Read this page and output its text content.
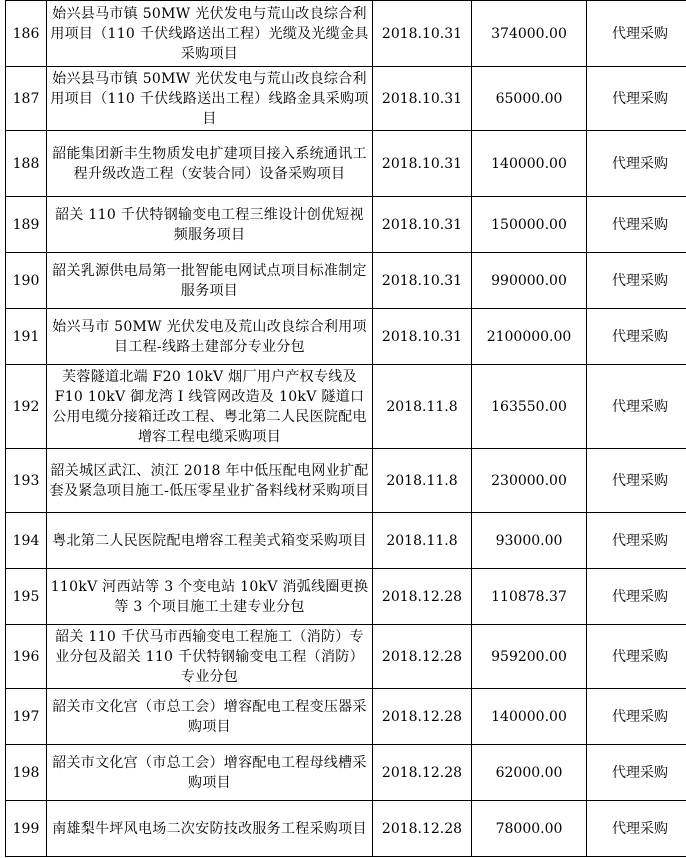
186	始兴县马市镇 50MW 光伏发电与荒山改良综合利用项目（110 千伏线路送出工程）光缆及光缆金具采购项目	2018.10.31	374000.00	代理采购
187	始兴县马市镇 50MW 光伏发电与荒山改良综合利用项目（110 千伏线路送出工程）线路金具采购项目	2018.10.31	65000.00	代理采购
188	韶能集团新丰生物质发电扩建项目接入系统通讯工程升级改造工程（安装合同）设备采购项目	2018.10.31	140000.00	代理采购
189	韶关 110 千伏特钢输变电工程三维设计创优短视频服务项目	2018.10.31	150000.00	代理采购
190	韶关乳源供电局第一批智能电网试点项目标准制定服务项目	2018.10.31	990000.00	代理采购
191	始兴马市 50MW 光伏发电及荒山改良综合利用项目工程-线路土建部分专业分包	2018.10.31	2100000.00	代理采购
192	芙蓉隧道北端 F20 10kV 烟厂用户产权专线及 F10 10kV 御龙湾 I 线管网改造及 10kV 隧道口公用电缆分接箱迁改工程、粤北第二人民医院配电增容工程电缆采购项目	2018.11.8	163550.00	代理采购
193	韶关城区武江、浈江 2018 年中低压配电网业扩配套及紧急项目施工-低压零星业扩备料线材采购项目	2018.11.8	230000.00	代理采购
194	粤北第二人民医院配电增容工程美式箱变采购项目	2018.11.8	93000.00	代理采购
195	110kV 河西站等 3 个变电站 10kV 消弧线圈更换等 3 个项目施工土建专业分包	2018.12.28	110878.37	代理采购
196	韶关 110 千伏马市西输变电工程施工（消防）专业分包及韶关 110 千伏特钢输变电工程（消防）专业分包	2018.12.28	959200.00	代理采购
197	韶关市文化宫（市总工会）增容配电工程变压器采购项目	2018.12.28	140000.00	代理采购
198	韶关市文化宫（市总工会）增容配电工程母线槽采购项目	2018.12.28	62000.00	代理采购
199	南雄梨牛坪风电场二次安防技改服务工程采购项目	2018.12.28	78000.00	代理采购
